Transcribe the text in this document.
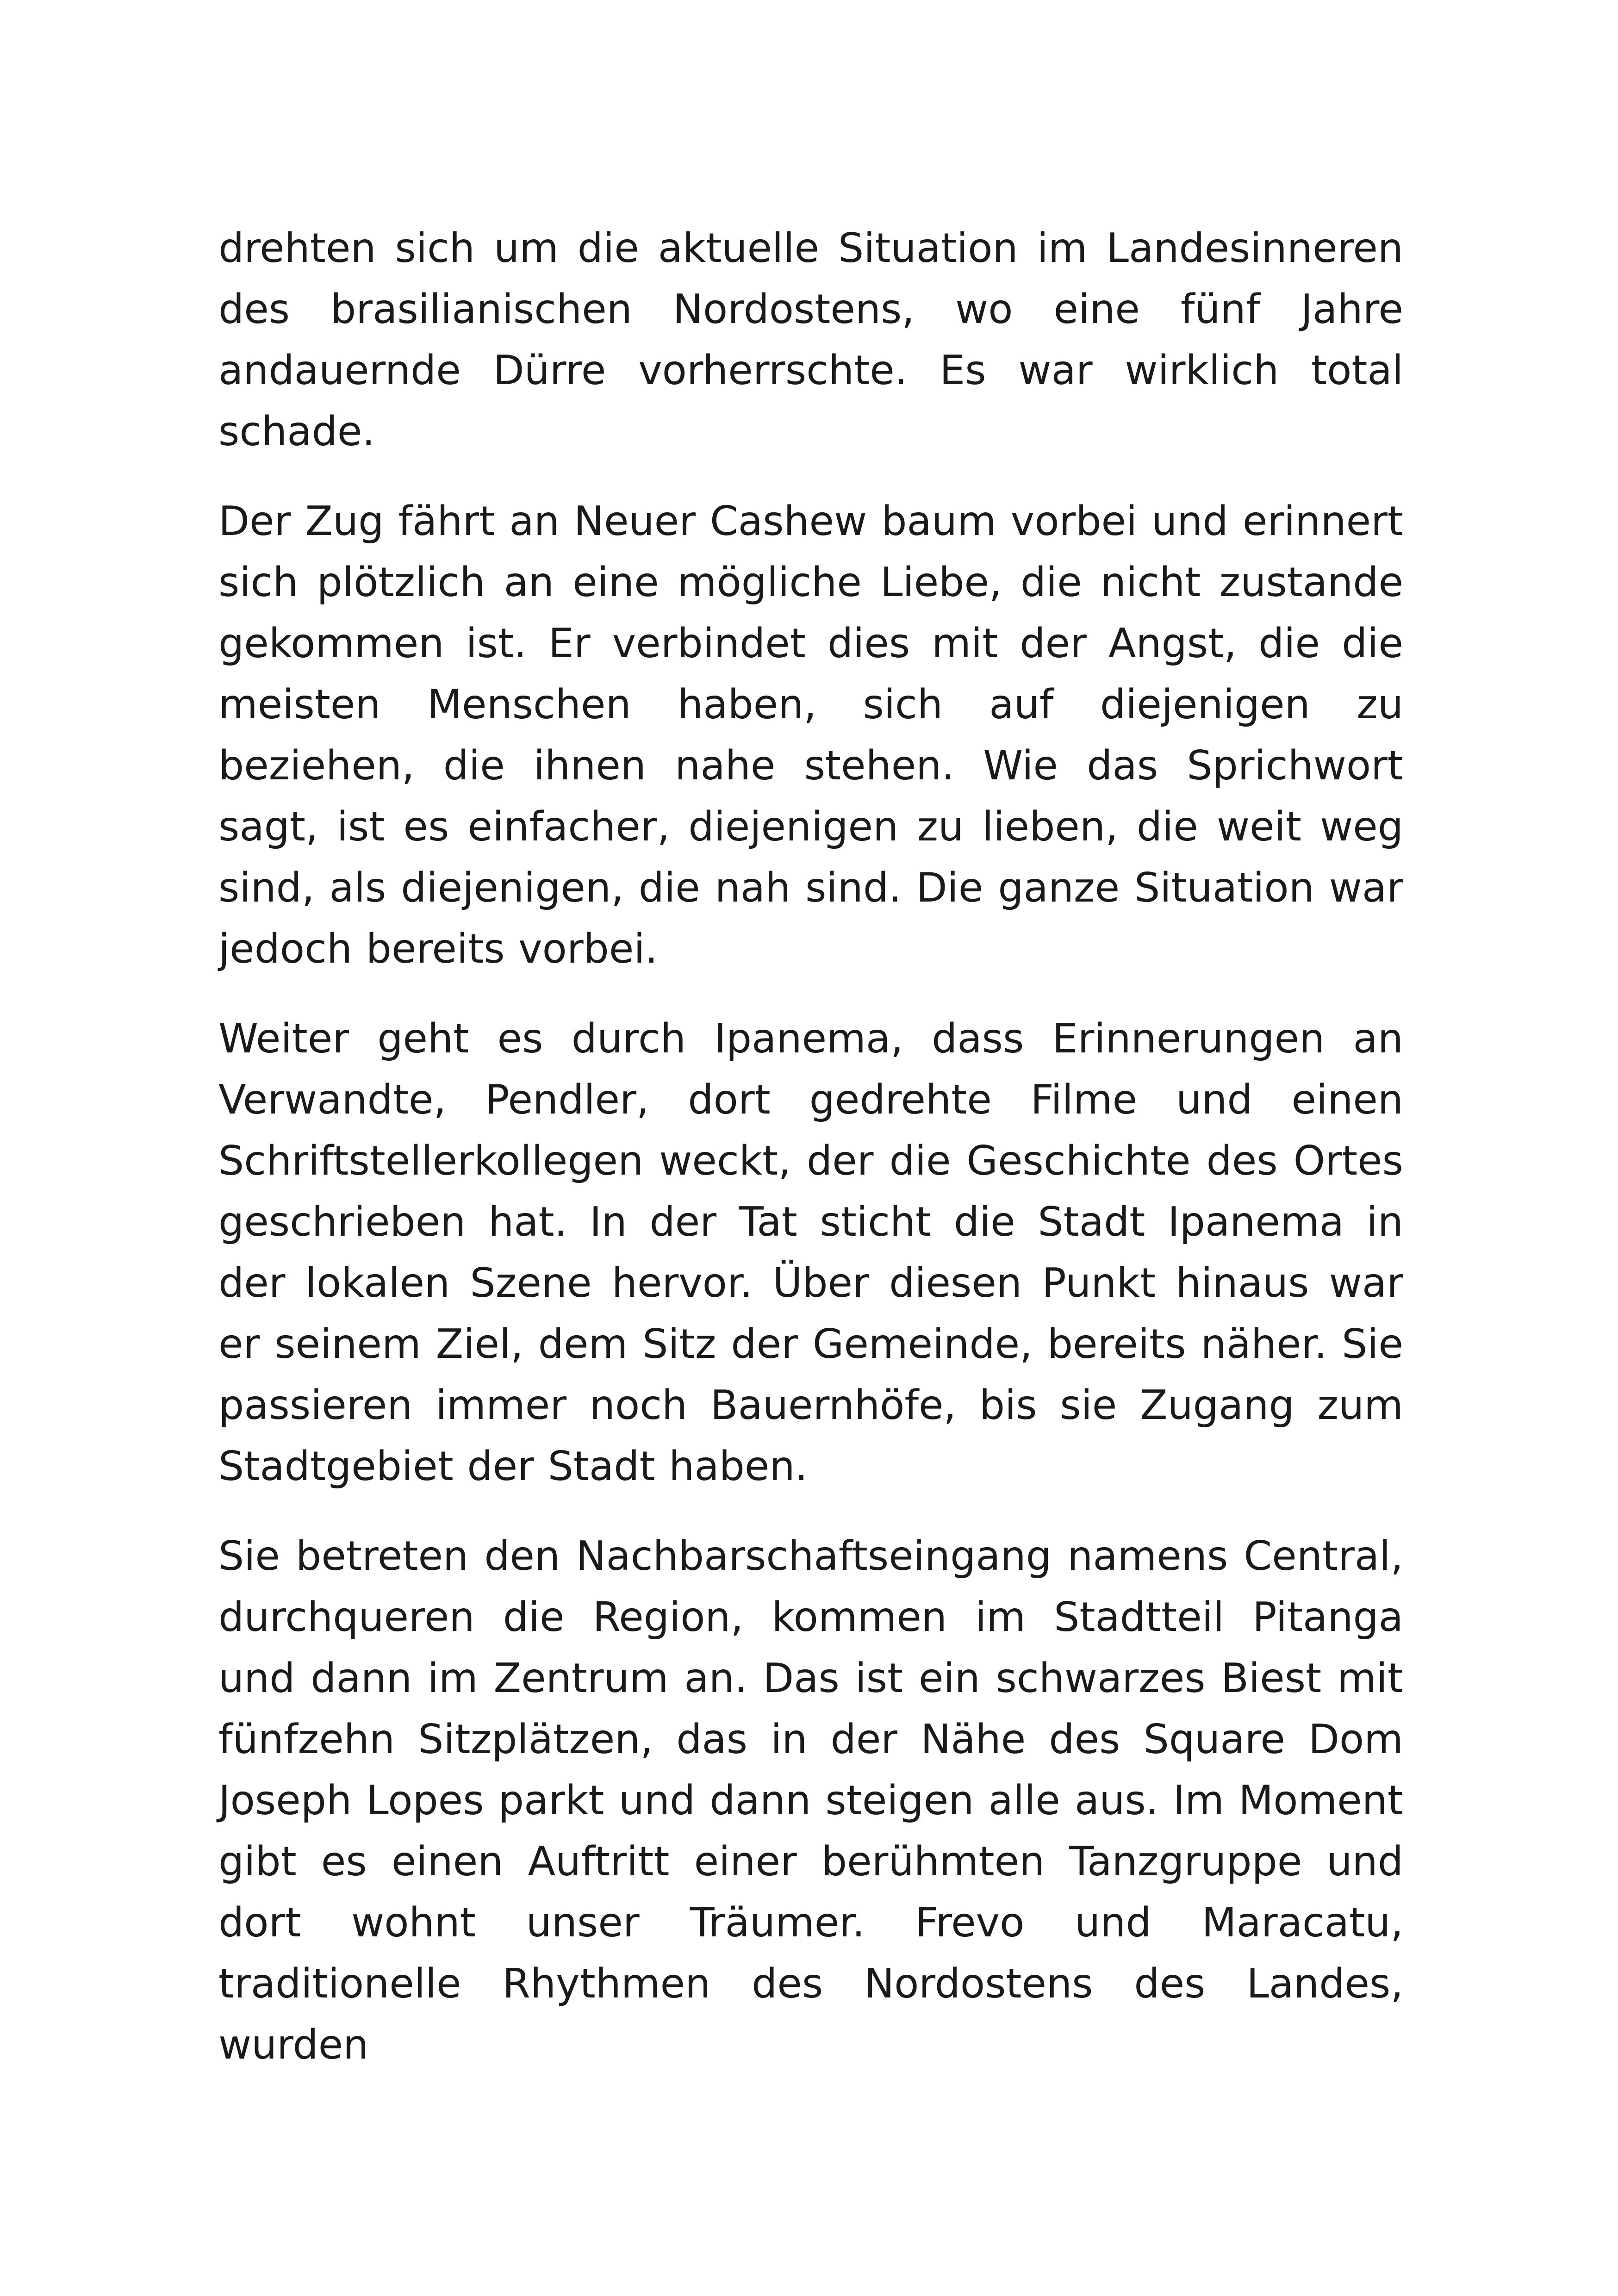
drehten sich um die aktuelle Situation im Landesinneren des brasilianischen Nordostens, wo eine fünf Jahre andauernde Dürre vorherrschte. Es war wirklich total schade.

Der Zug fährt an Neuer Cashew baum vorbei und erinnert sich plötzlich an eine mögliche Liebe, die nicht zustande gekommen ist. Er verbindet dies mit der Angst, die die meisten Menschen haben, sich auf diejenigen zu beziehen, die ihnen nahe stehen. Wie das Sprichwort sagt, ist es einfacher, diejenigen zu lieben, die weit weg sind, als diejenigen, die nah sind. Die ganze Situation war jedoch bereits vorbei.

Weiter geht es durch Ipanema, dass Erinnerungen an Verwandte, Pendler, dort gedrehte Filme und einen Schriftstellerkollegen weckt, der die Geschichte des Ortes geschrieben hat. In der Tat sticht die Stadt Ipanema in der lokalen Szene hervor. Über diesen Punkt hinaus war er seinem Ziel, dem Sitz der Gemeinde, bereits näher. Sie passieren immer noch Bauernhöfe, bis sie Zugang zum Stadtgebiet der Stadt haben.

Sie betreten den Nachbarschaftseingang namens Central, durchqueren die Region, kommen im Stadtteil Pitanga und dann im Zentrum an. Das ist ein schwarzes Biest mit fünfzehn Sitzplätzen, das in der Nähe des Square Dom Joseph Lopes parkt und dann steigen alle aus. Im Moment gibt es einen Auftritt einer berühmten Tanzgruppe und dort wohnt unser Träumer. Frevo und Maracatu, traditionelle Rhythmen des Nordostens des Landes, wurden
